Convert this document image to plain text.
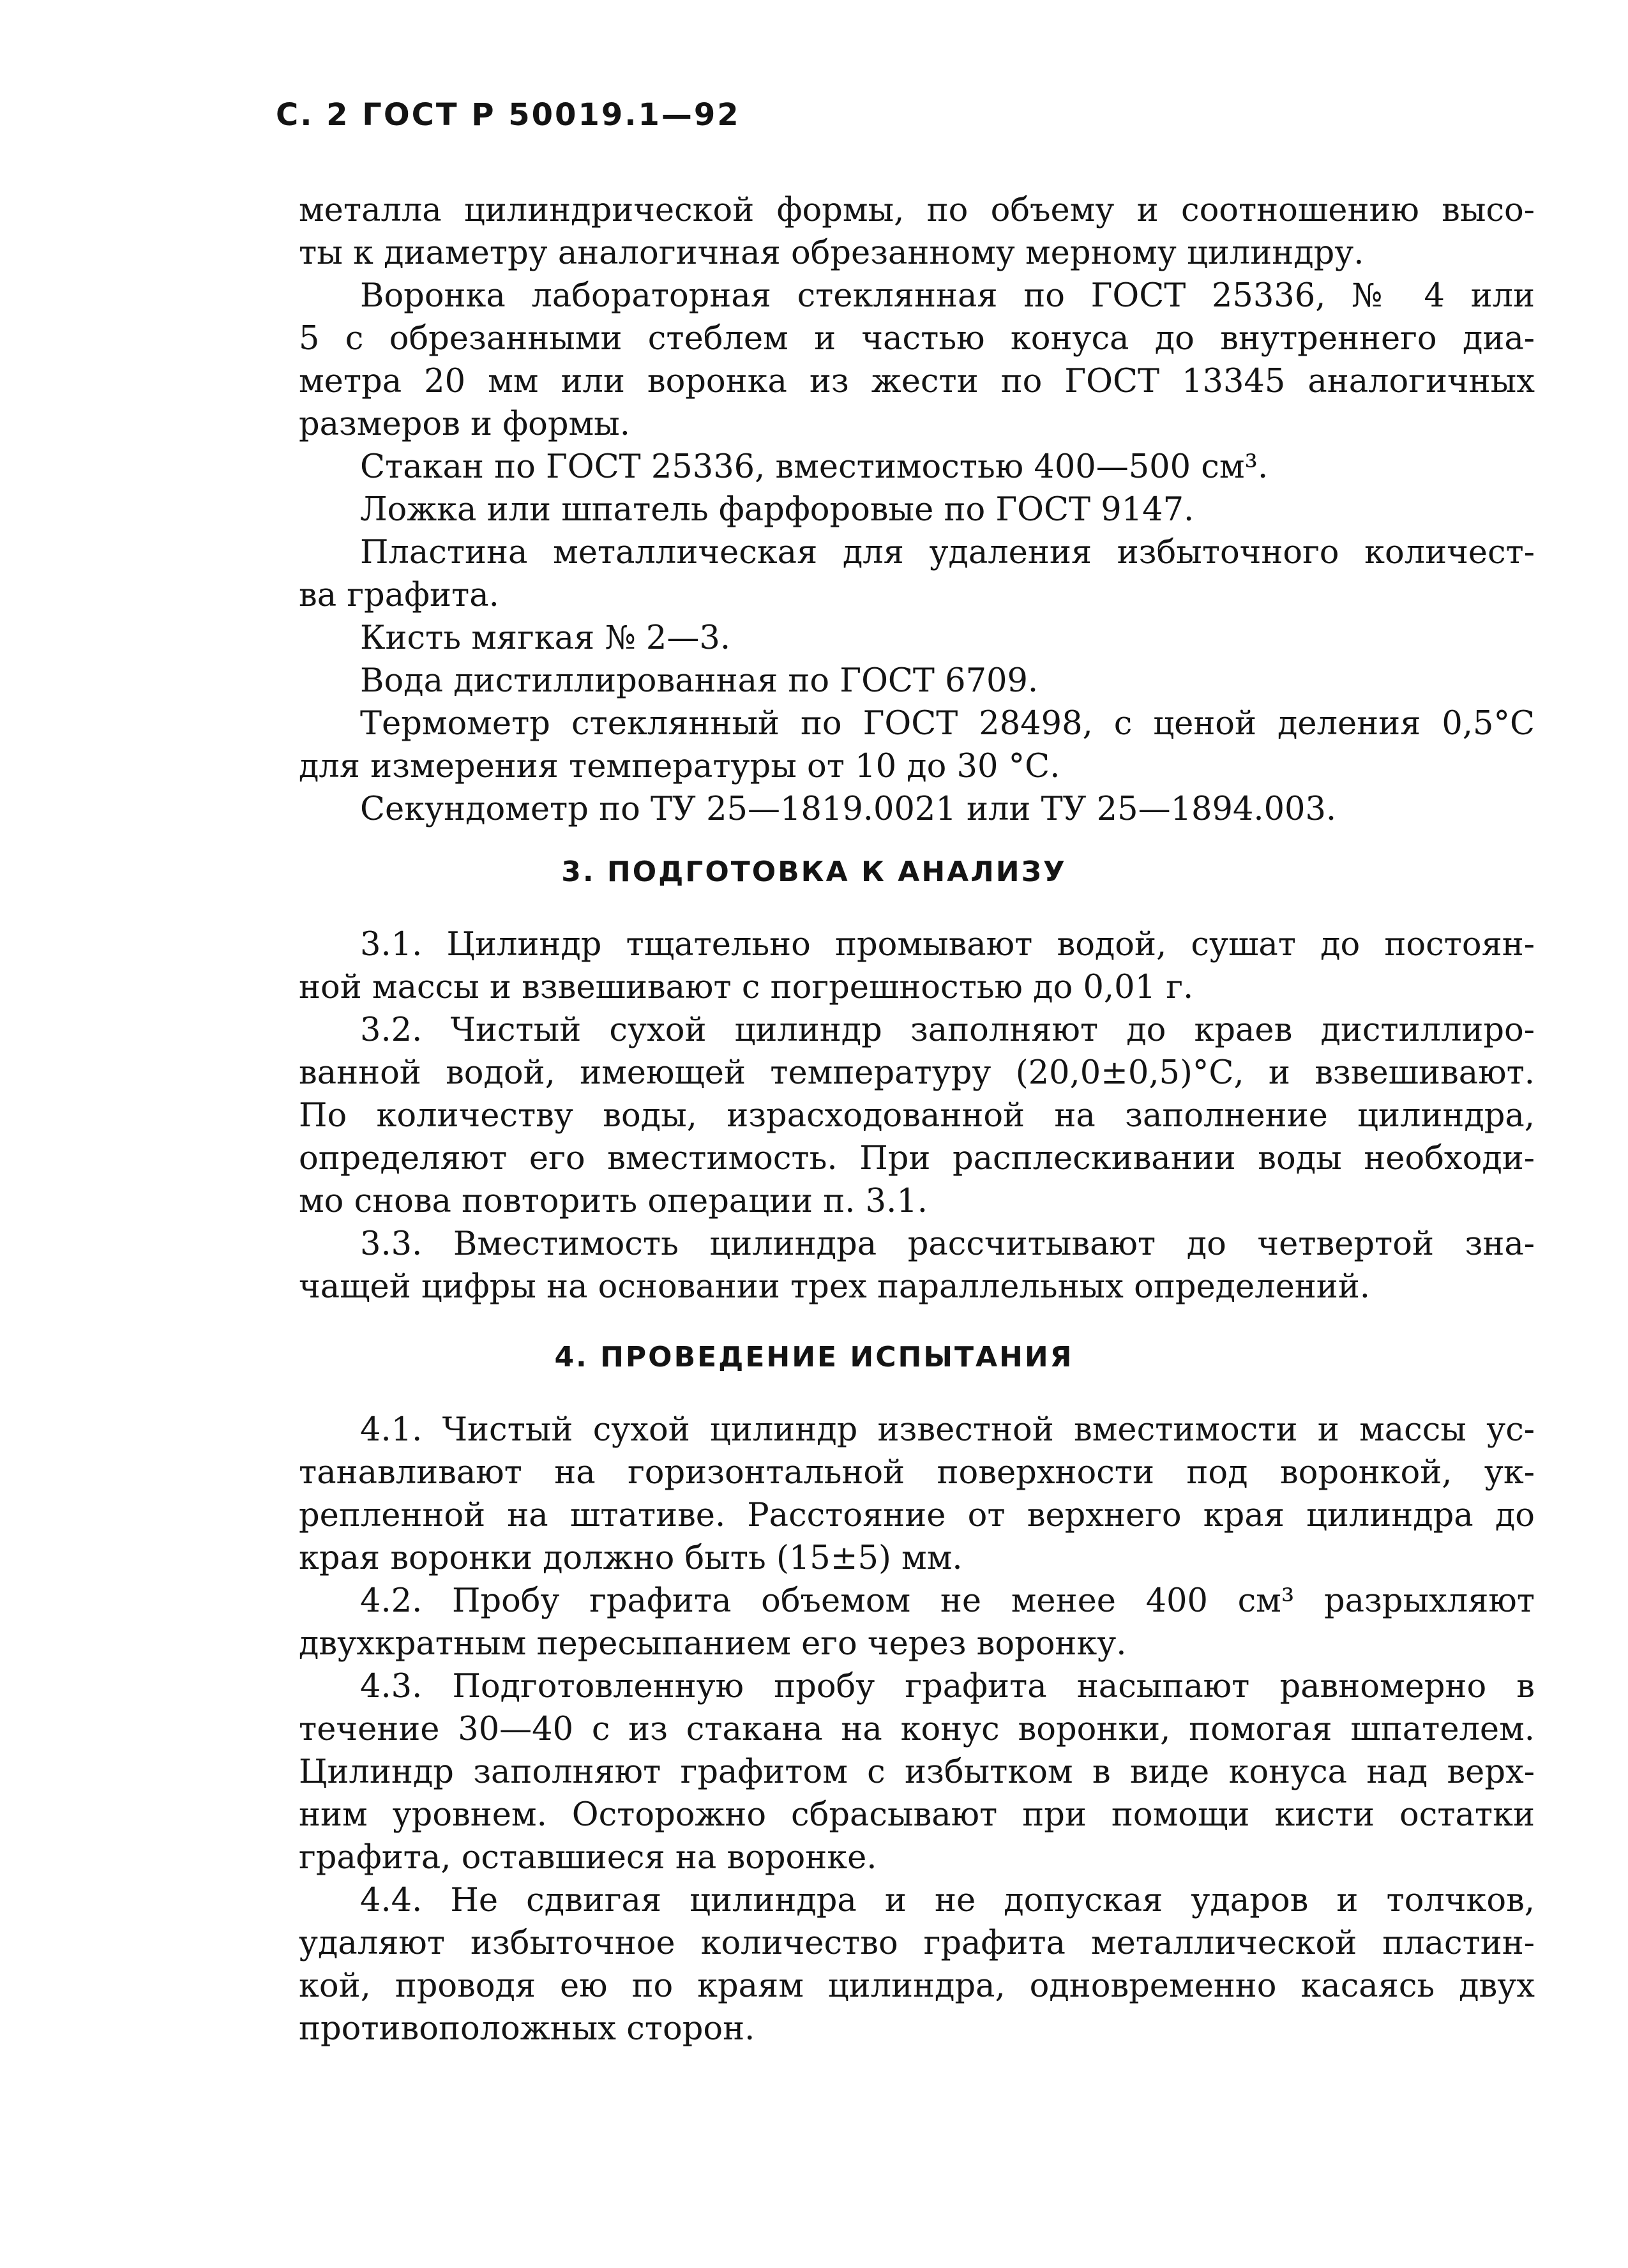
С. 2 ГОСТ Р 50019.1—92
металла цилиндрической формы, по объему и соотношению высо-
ты к диаметру аналогичная обрезанному мерному цилиндру.
Воронка лабораторная стеклянная по ГОСТ 25336, № 4 или
5 с обрезанными стеблем и частью конуса до внутреннего диа-
метра 20 мм или воронка из жести по ГОСТ 13345 аналогичных
размеров и формы.
Стакан по ГОСТ 25336, вместимостью 400—500 см³.
Ложка или шпатель фарфоровые по ГОСТ 9147.
Пластина металлическая для удаления избыточного количест-
ва графита.
Кисть мягкая № 2—3.
Вода дистиллированная по ГОСТ 6709.
Термометр стеклянный по ГОСТ 28498, с ценой деления 0,5°С
для измерения температуры от 10 до 30 °С.
Секундометр по ТУ 25—1819.0021 или ТУ 25—1894.003.
3. ПОДГОТОВКА К АНАЛИЗУ
3.1. Цилиндр тщательно промывают водой, сушат до постоян-
ной массы и взвешивают с погрешностью до 0,01 г.
3.2. Чистый сухой цилиндр заполняют до краев дистиллиро-
ванной водой, имеющей температуру (20,0±0,5)°С, и взвешивают.
По количеству воды, израсходованной на заполнение цилиндра,
определяют его вместимость. При расплескивании воды необходи-
мо снова повторить операции п. 3.1.
3.3. Вместимость цилиндра рассчитывают до четвертой зна-
чащей цифры на основании трех параллельных определений.
4. ПРОВЕДЕНИЕ ИСПЫТАНИЯ
4.1. Чистый сухой цилиндр известной вместимости и массы ус-
танавливают на горизонтальной поверхности под воронкой, ук-
репленной на штативе. Расстояние от верхнего края цилиндра до
края воронки должно быть (15±5) мм.
4.2. Пробу графита объемом не менее 400 см³ разрыхляют
двухкратным пересыпанием его через воронку.
4.3. Подготовленную пробу графита насыпают равномерно в
течение 30—40 с из стакана на конус воронки, помогая шпателем.
Цилиндр заполняют графитом с избытком в виде конуса над верх-
ним уровнем. Осторожно сбрасывают при помощи кисти остатки
графита, оставшиеся на воронке.
4.4. Не сдвигая цилиндра и не допуская ударов и толчков,
удаляют избыточное количество графита металлической пластин-
кой, проводя ею по краям цилиндра, одновременно касаясь двух
противоположных сторон.
